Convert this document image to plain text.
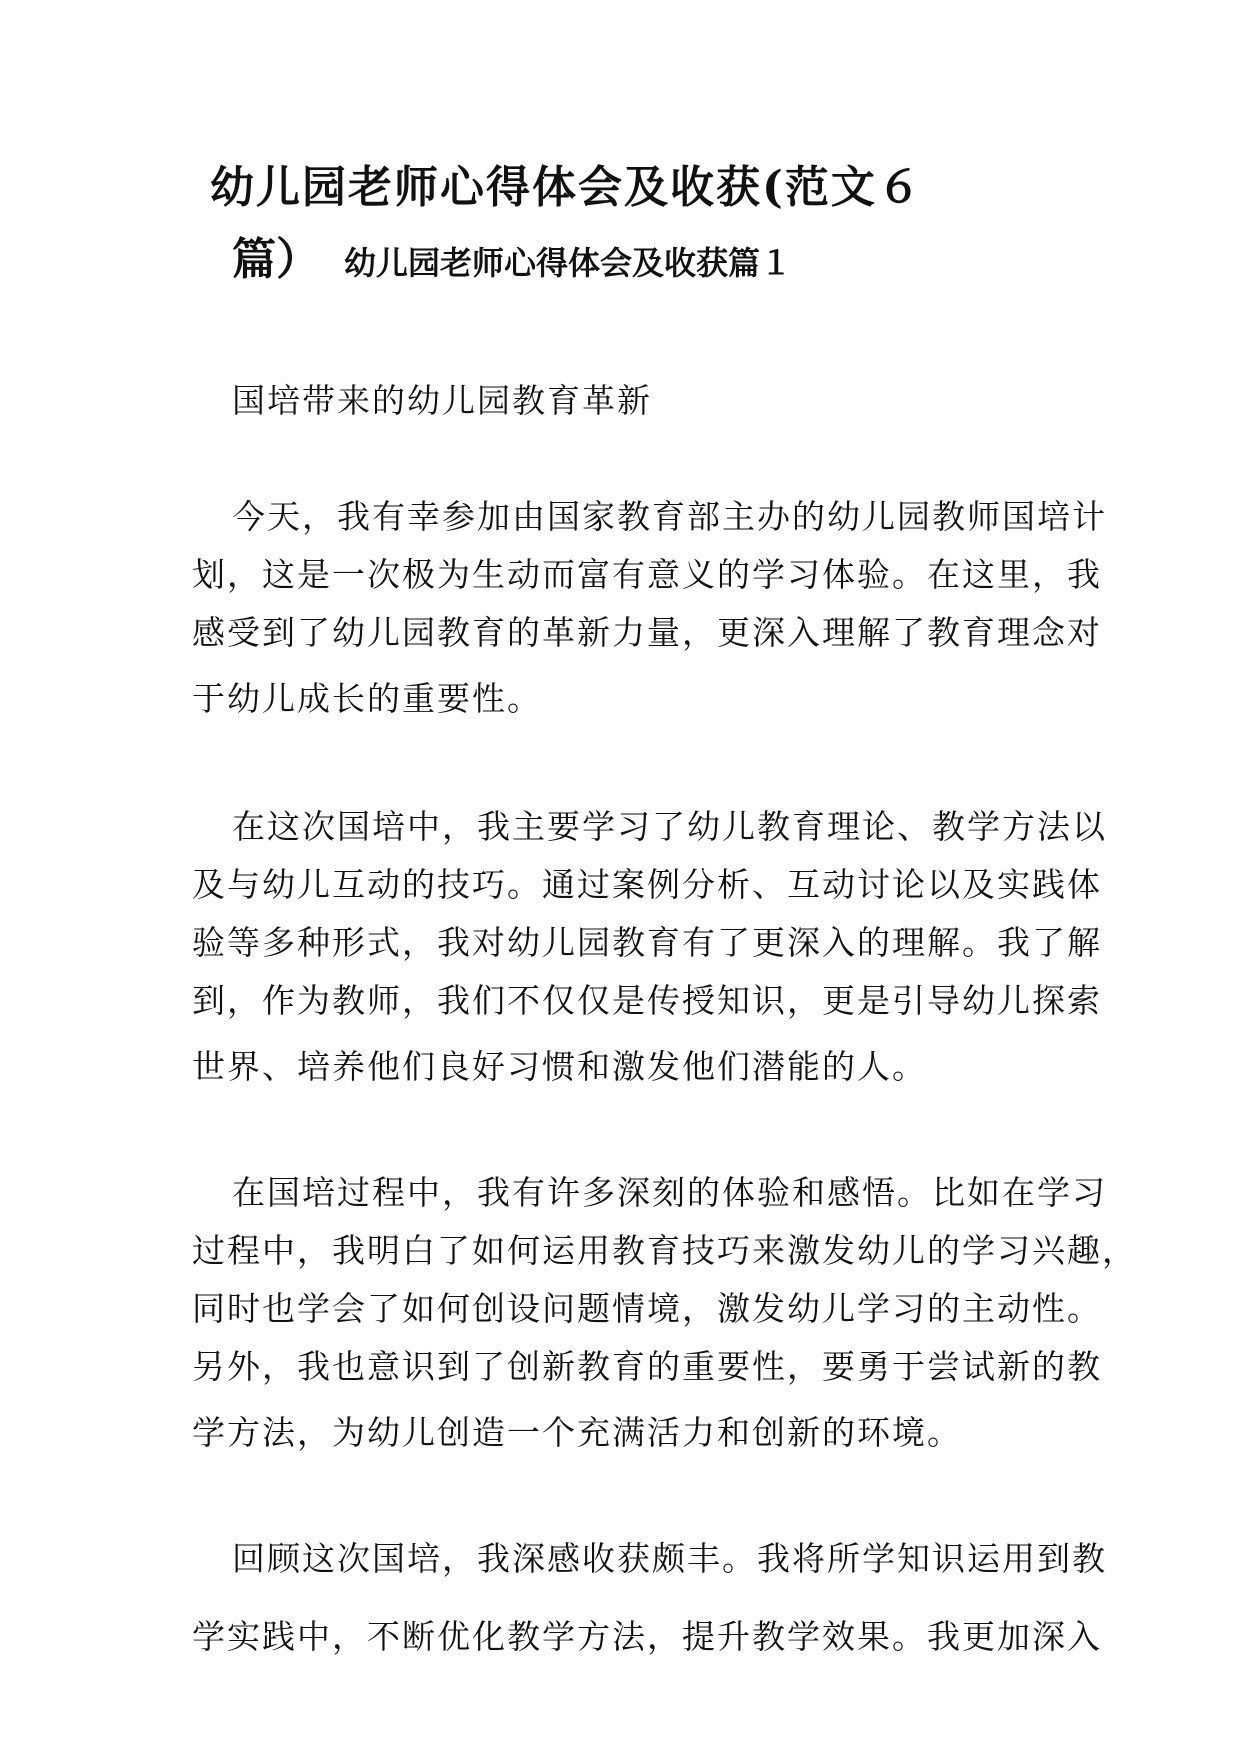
幼儿园老师心得体会及收获(范文６
篇） 幼儿园老师心得体会及收获篇１
国培带来的幼儿园教育革新
今天，我有幸参加由国家教育部主办的幼儿园教师国培计
划，这是一次极为生动而富有意义的学习体验。在这里，我
感受到了幼儿园教育的革新力量，更深入理解了教育理念对
于幼儿成长的重要性。
在这次国培中，我主要学习了幼儿教育理论、教学方法以
及与幼儿互动的技巧。通过案例分析、互动讨论以及实践体
验等多种形式，我对幼儿园教育有了更深入的理解。我了解
到，作为教师，我们不仅仅是传授知识，更是引导幼儿探索
世界、培养他们良好习惯和激发他们潜能的人。
在国培过程中，我有许多深刻的体验和感悟。比如在学习
过程中，我明白了如何运用教育技巧来激发幼儿的学习兴趣，
同时也学会了如何创设问题情境，激发幼儿学习的主动性。
另外，我也意识到了创新教育的重要性，要勇于尝试新的教
学方法，为幼儿创造一个充满活力和创新的环境。
回顾这次国培，我深感收获颇丰。我将所学知识运用到教
学实践中，不断优化教学方法，提升教学效果。我更加深入
